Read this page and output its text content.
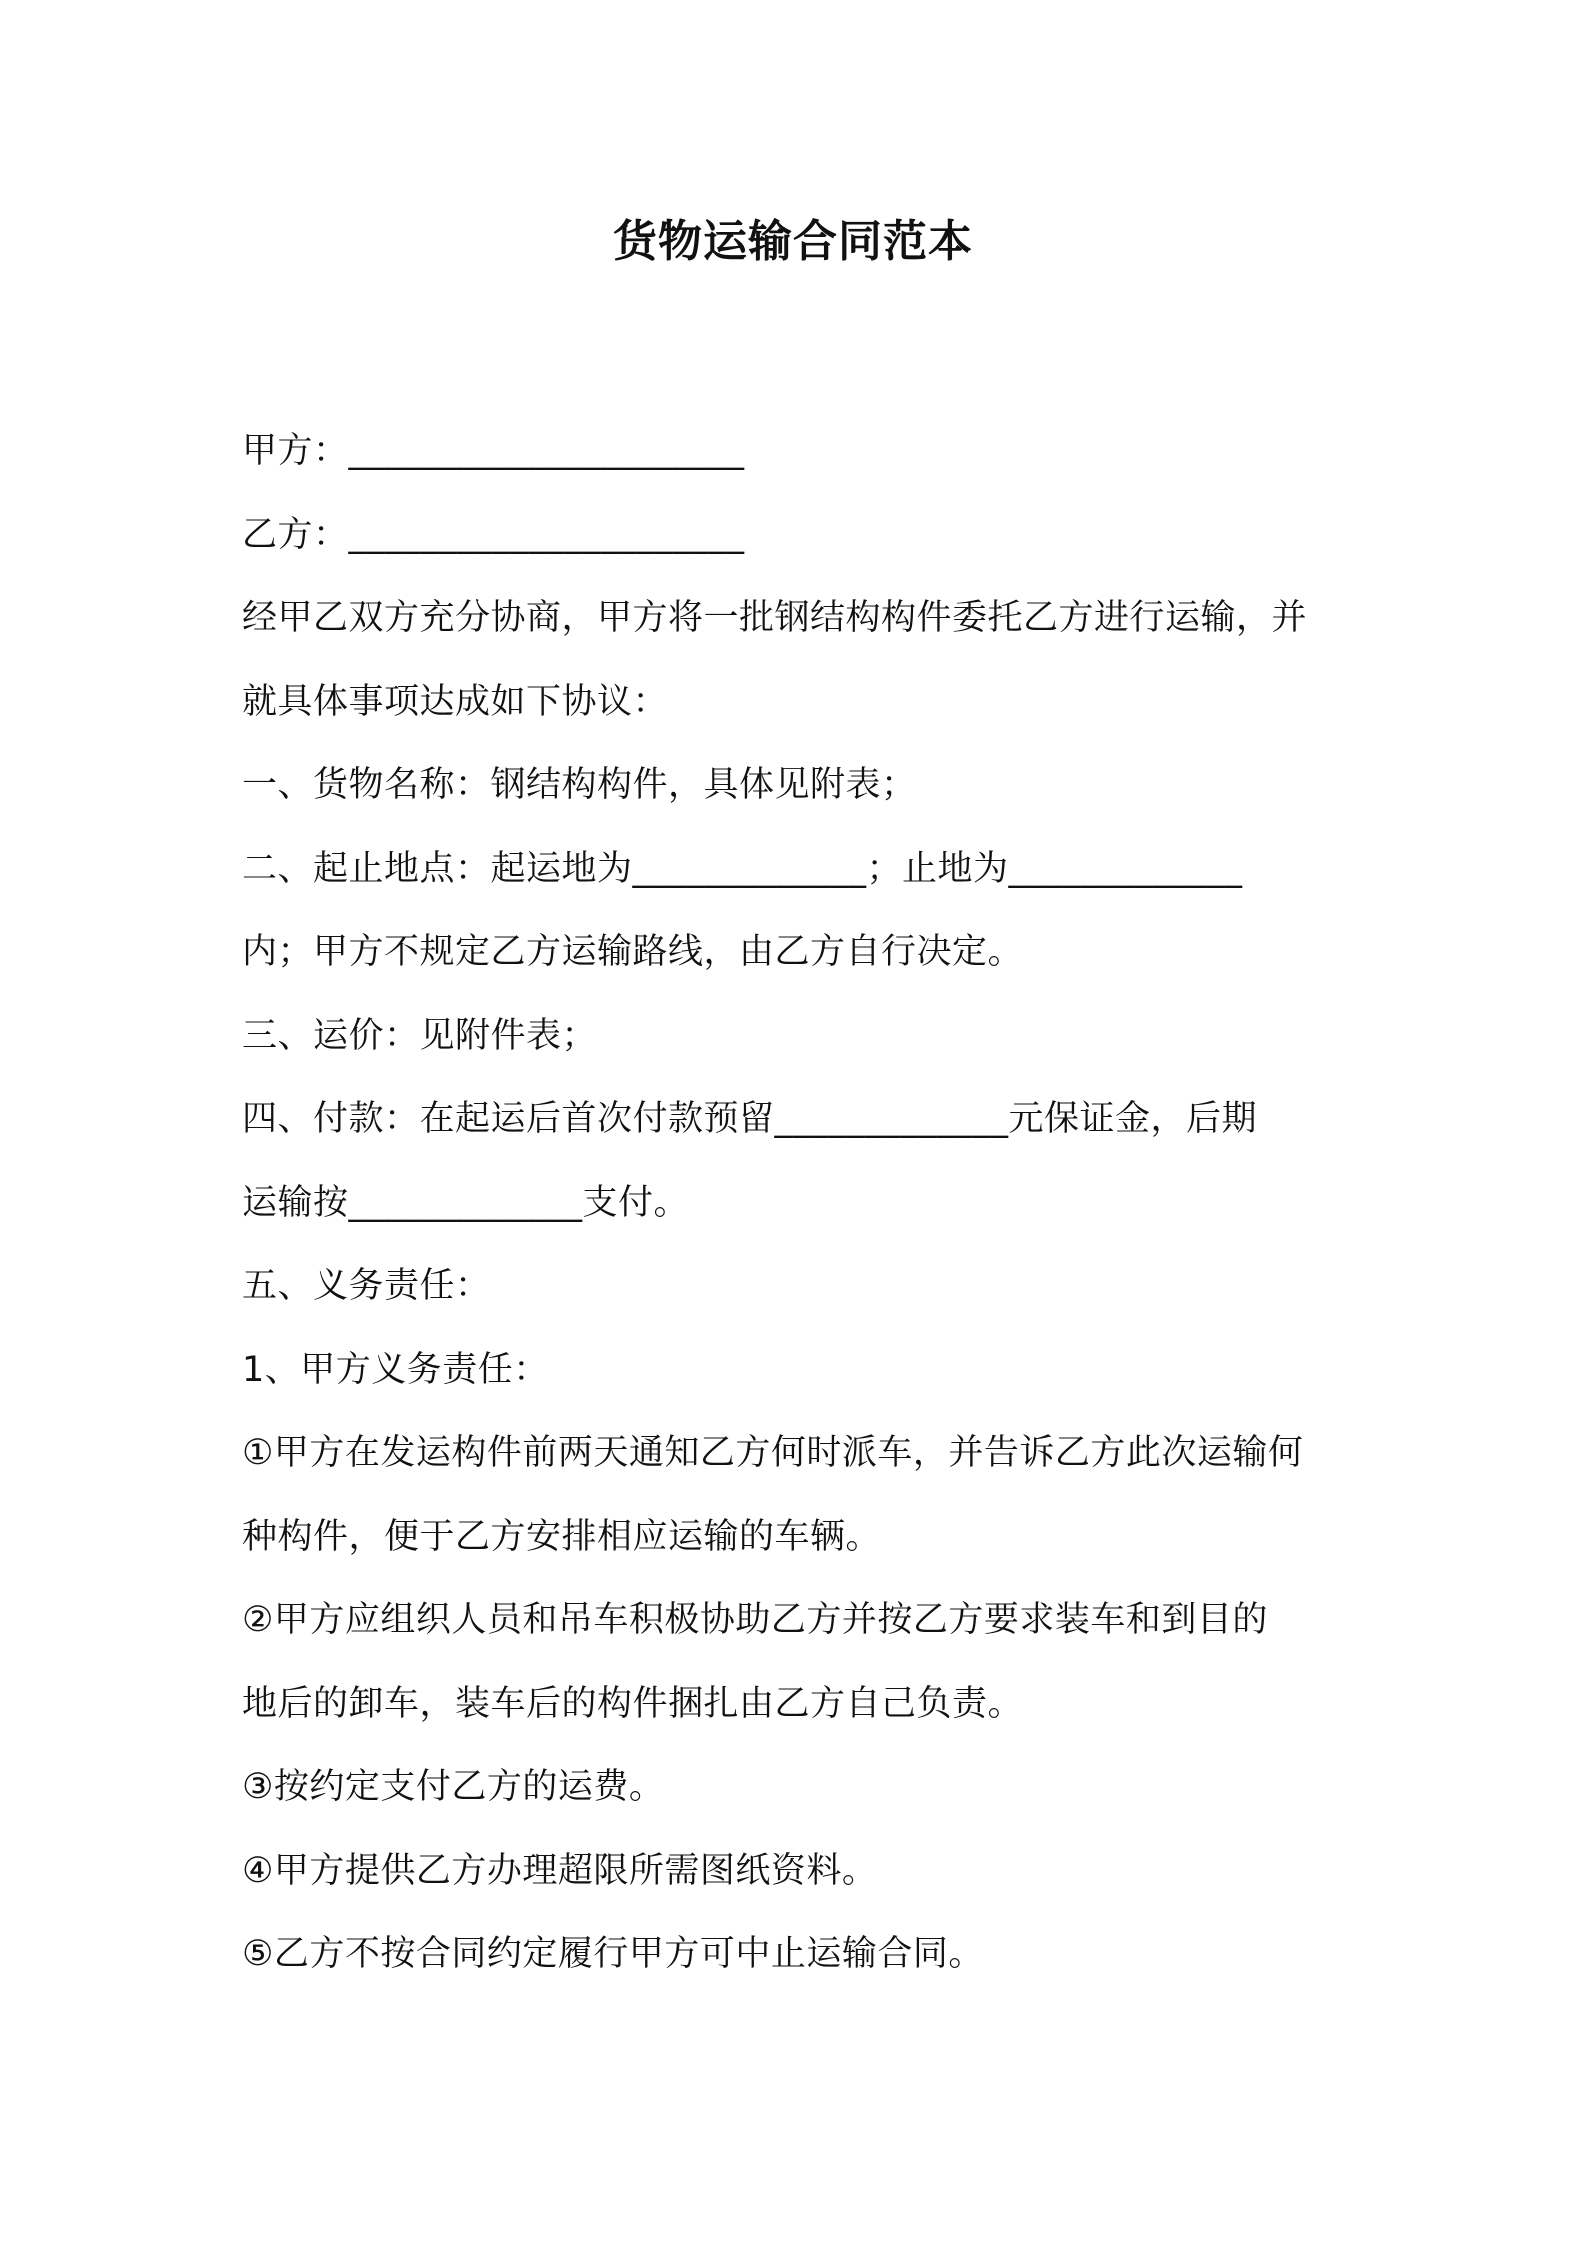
货物运输合同范本
甲方：______________________
乙方：______________________
经甲乙双方充分协商，甲方将一批钢结构构件委托乙方进行运输，并
就具体事项达成如下协议：
一、货物名称：钢结构构件，具体见附表；
二、起止地点：起运地为_____________；止地为_____________
内；甲方不规定乙方运输路线，由乙方自行决定。
三、运价：见附件表；
四、付款：在起运后首次付款预留_____________元保证金，后期
运输按_____________支付。
五、义务责任：
1、甲方义务责任：
①甲方在发运构件前两天通知乙方何时派车，并告诉乙方此次运输何
种构件，便于乙方安排相应运输的车辆。
②甲方应组织人员和吊车积极协助乙方并按乙方要求装车和到目的
地后的卸车，装车后的构件捆扎由乙方自己负责。
③按约定支付乙方的运费。
④甲方提供乙方办理超限所需图纸资料。
⑤乙方不按合同约定履行甲方可中止运输合同。
